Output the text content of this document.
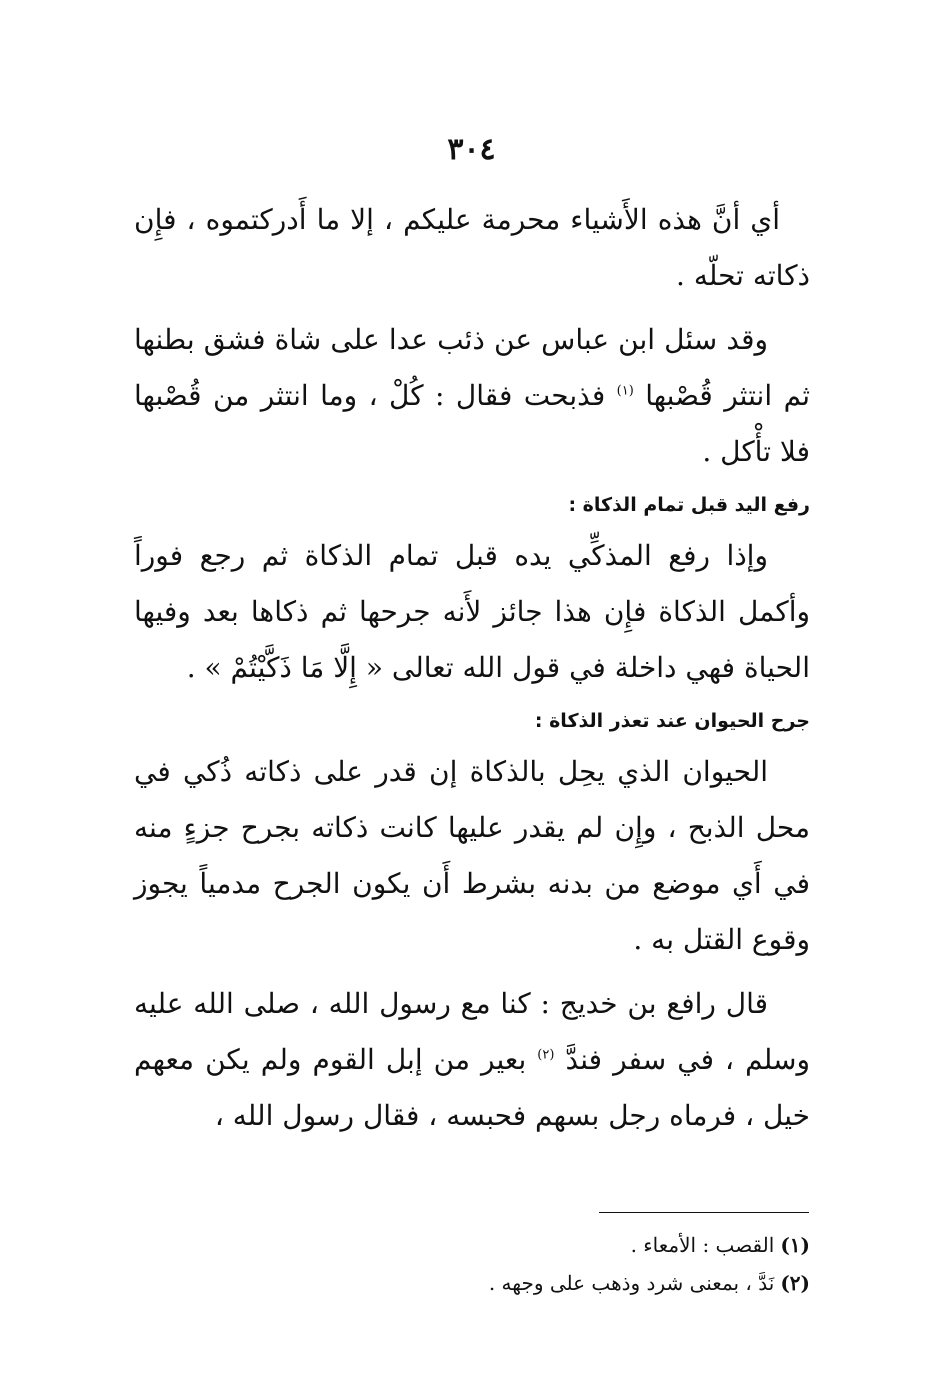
٣٠٤

أي أنَّ هذه الأَشياء محرمة عليكم ، إلا ما أَدركتموه ، فإِن ذكاته تحلّه .

وقد سئل ابن عباس عن ذئب عدا على شاة فشق بطنها ثم انتثر قُصْبها $^{(١)}$ فذبحت فقال : كُلْ ، وما انتثر من قُصْبها فلا تأْكل .

رفع اليد قبل تمام الذكاة :

وإذا رفع المذكِّي يده قبل تمام الذكاة ثم رجع فوراً وأكمل الذكاة فإِن هذا جائز لأَنه جرحها ثم ذكاها بعد وفيها الحياة فهي داخلة في قول الله تعالى « إِلَّا مَا ذَكَّيْتُمْ » .

جرح الحيوان عند تعذر الذكاة :

الحيوان الذي يحِل بالذكاة إن قدر على ذكاته ذُكي في محل الذبح ، وإِن لم يقدر عليها كانت ذكاته بجرح جزءٍ منه في أَي موضع من بدنه بشرط أَن يكون الجرح مدمياً يجوز وقوع القتل به .

قال رافع بن خديج : كنا مع رسول الله ، صلى الله عليه وسلم ، في سفر فندَّ $^{(٢)}$ بعير من إبل القوم ولم يكن معهم خيل ، فرماه رجل بسهم فحبسه ، فقال رسول الله ،

(١)القصب : الأمعاء .
(٢)نَدَّ ، بمعنى شرد وذهب على وجهه .
